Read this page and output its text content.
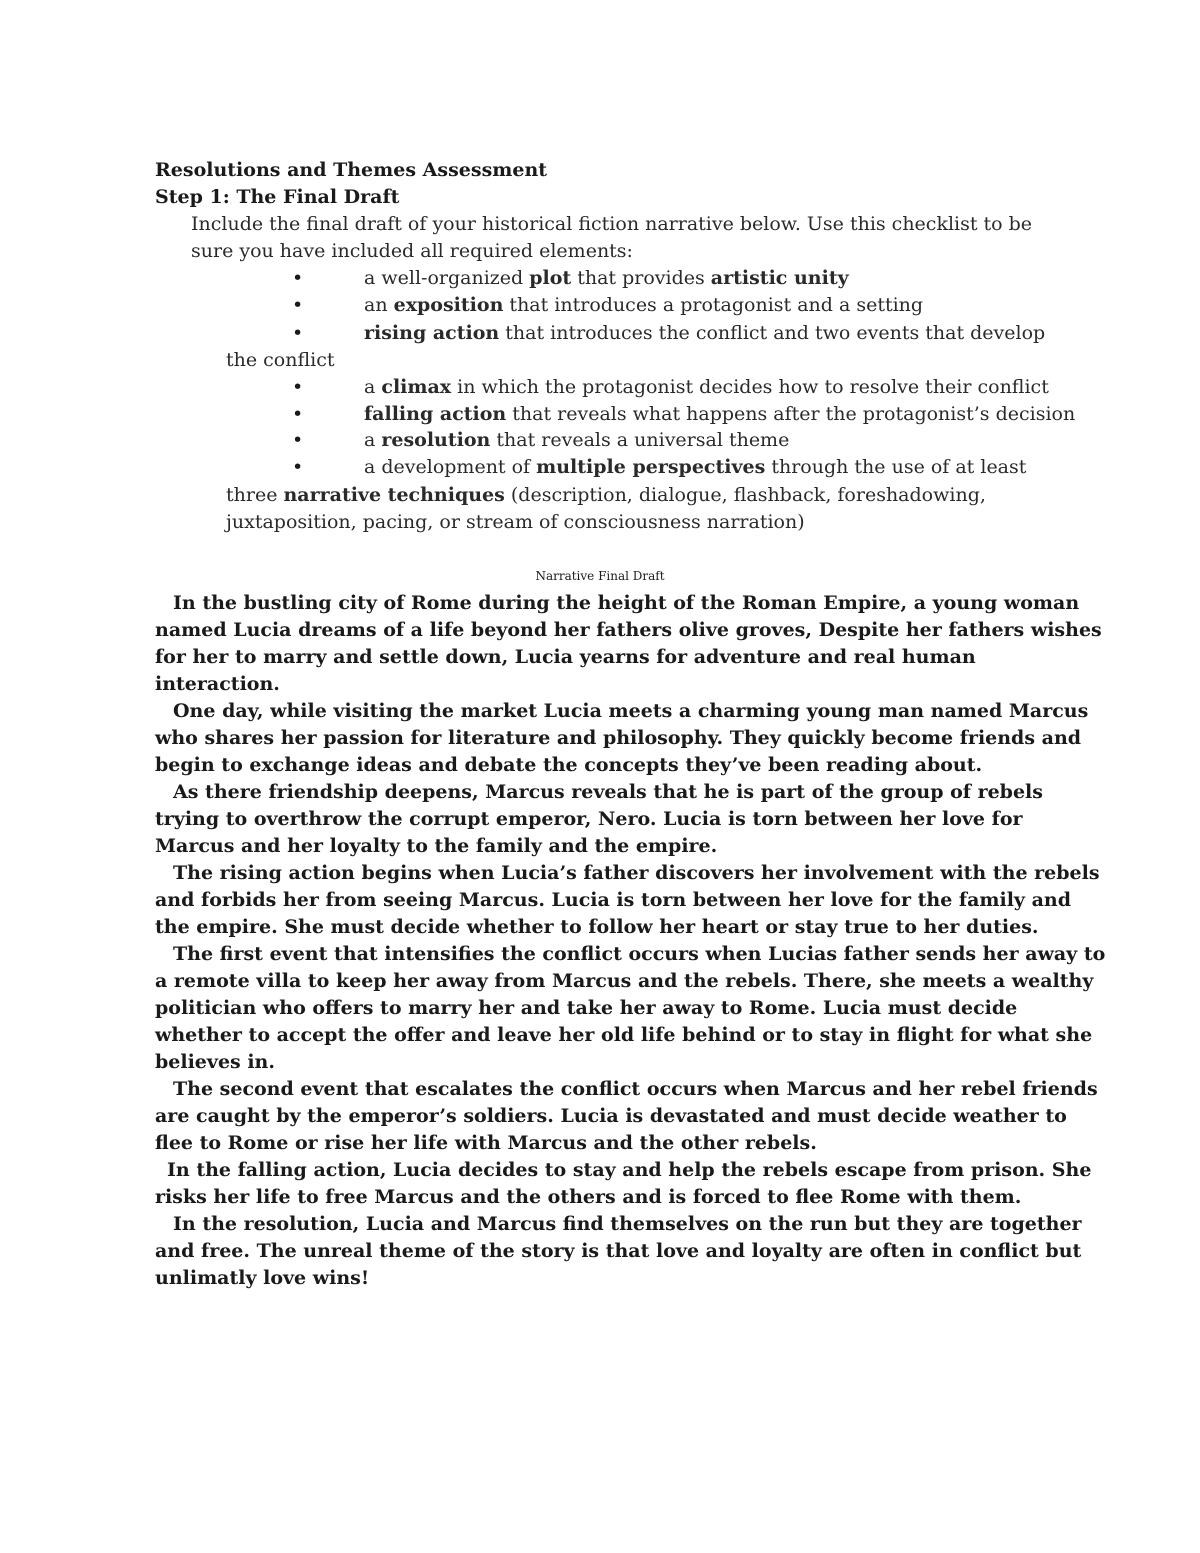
Resolutions and Themes Assessment
Step 1: The Final Draft
Include the final draft of your historical fiction narrative below. Use this checklist to be
sure you have included all required elements:
•	a well-organized plot that provides artistic unity
•	an exposition that introduces a protagonist and a setting
•	rising action that introduces the conflict and two events that develop
the conflict
•	a climax in which the protagonist decides how to resolve their conflict
•	falling action that reveals what happens after the protagonist’s decision
•	a resolution that reveals a universal theme
•	a development of multiple perspectives through the use of at least
three narrative techniques (description, dialogue, flashback, foreshadowing,
juxtaposition, pacing, or stream of consciousness narration)
Narrative Final Draft
In the bustling city of Rome during the height of the Roman Empire, a young woman
named Lucia dreams of a life beyond her fathers olive groves, Despite her fathers wishes
for her to marry and settle down, Lucia yearns for adventure and real human
interaction.
One day, while visiting the market Lucia meets a charming young man named Marcus
who shares her passion for literature and philosophy. They quickly become friends and
begin to exchange ideas and debate the concepts they’ve been reading about.
As there friendship deepens, Marcus reveals that he is part of the group of rebels
trying to overthrow the corrupt emperor, Nero. Lucia is torn between her love for
Marcus and her loyalty to the family and the empire.
The rising action begins when Lucia’s father discovers her involvement with the rebels
and forbids her from seeing Marcus. Lucia is torn between her love for the family and
the empire. She must decide whether to follow her heart or stay true to her duties.
The first event that intensifies the conflict occurs when Lucias father sends her away to
a remote villa to keep her away from Marcus and the rebels. There, she meets a wealthy
politician who offers to marry her and take her away to Rome. Lucia must decide
whether to accept the offer and leave her old life behind or to stay in flight for what she
believes in.
The second event that escalates the conflict occurs when Marcus and her rebel friends
are caught by the emperor’s soldiers. Lucia is devastated and must decide weather to
flee to Rome or rise her life with Marcus and the other rebels.
In the falling action, Lucia decides to stay and help the rebels escape from prison. She
risks her life to free Marcus and the others and is forced to flee Rome with them.
In the resolution, Lucia and Marcus find themselves on the run but they are together
and free. The unreal theme of the story is that love and loyalty are often in conflict but
unlimatly love wins!
